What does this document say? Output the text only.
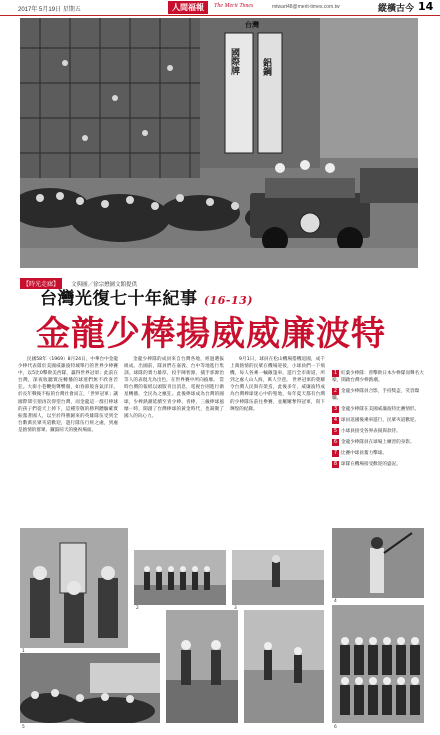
2017年 5月19日 星期五	人間福報	The Merit Times	mtwart48@merit-times.com.tw	縱橫古今 14
國際牌 鋁鋼
台灣
【時光走廊】 文與圖／徐宗懋圖文館提供
台灣光復七十年紀事 (16-13)
金龍少棒揚威威廉波特

民國58年（1969）8月24日，中華台中金龍少棒代表隊於美國威廉波特城舉行的世界少棒賽中，以5比0擊敗美西隊，贏得世界冠軍；此前在台灣，深夜收聽實況轉播的球迷們無不欣喜若狂。大街小巷鞭炮聲響徹，如春節般喜氣洋洋。 於長年戰後不振的台灣社會而言，「世界冠軍」讓國際間引頸再次仰望台灣，而金龍這一群打棒球的孩子們從天上掉下，這種崇敬的勝利體驗確實振奮著國人，以至於得勝歸來的英雄隊伍受到全台數萬民眾夾道歡迎，遊行隊伍行經之處，到處是熱情的群眾、鑼鼓喧天的慶祝場面。

金龍少棒隊的成員來自台灣各地，經過選拔組成。出國前，隊員們在嘉義、台中等地進行集訓。球隊的實力雄厚，投手陳智源、捕手郭源治等人的表現尤為出色，在世界賽中所向披靡。 當時台灣的報紙以頭版刊出消息，電視台則進行衛星轉播，全民為之瘋狂。此後棒球成為台灣的國球，少棒熱潮延續至青少棒、青棒，三級棒球風靡一時，開創了台灣棒球的黃金時代，也凝聚了國人的向心力。

9月1日，球員在松山機場搭機返國，成千上萬熱情的民眾在機場迎接，小球員們一下飛機，每人各乘一輛敞篷車，遊行全市街道，所到之處人山人海，萬人空巷。 世界冠軍的榮耀令台灣人民與有榮焉，此後多年，威廉波特成為台灣棒球迷心中的聖地，每年夏天都有台灣的少棒隊伍前往參賽，並屢屢奪得冠軍，寫下輝煌的紀錄。

1 紅葉少棒隊：曾擊敗日本少棒隊而聲名大噪，開啟台灣少棒熱潮。
2 金龍少棒隊員合影，手持獎盃，笑容燦爛。
3 金龍少棒隊在美國威廉波特比賽情形。
4 球員返國後乘車遊行，民眾夾道歡迎。
5 小球員接受各界表揚與款待。
6 金龍少棒隊員在球場上練習的身影。
7 比賽中球員奮力擊球。
8 球隊在機場接受歡迎的盛況。
1
2	3
4
5	6
